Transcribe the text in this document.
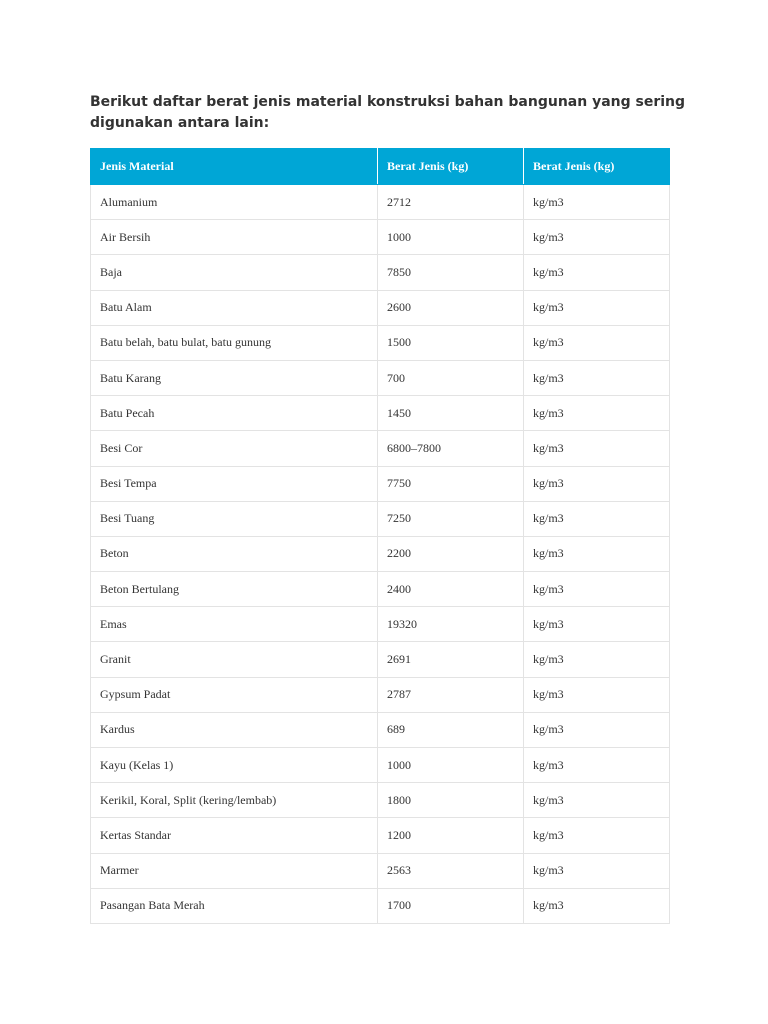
Berikut daftar berat jenis material konstruksi bahan bangunan yang sering digunakan antara lain:

Jenis Material	Berat Jenis (kg)	Berat Jenis (kg)
Alumanium	2712	kg/m3
Air Bersih	1000	kg/m3
Baja	7850	kg/m3
Batu Alam	2600	kg/m3
Batu belah, batu bulat, batu gunung	1500	kg/m3
Batu Karang	700	kg/m3
Batu Pecah	1450	kg/m3
Besi Cor	6800–7800	kg/m3
Besi Tempa	7750	kg/m3
Besi Tuang	7250	kg/m3
Beton	2200	kg/m3
Beton Bertulang	2400	kg/m3
Emas	19320	kg/m3
Granit	2691	kg/m3
Gypsum Padat	2787	kg/m3
Kardus	689	kg/m3
Kayu (Kelas 1)	1000	kg/m3
Kerikil, Koral, Split (kering/lembab)	1800	kg/m3
Kertas Standar	1200	kg/m3
Marmer	2563	kg/m3
Pasangan Bata Merah	1700	kg/m3
